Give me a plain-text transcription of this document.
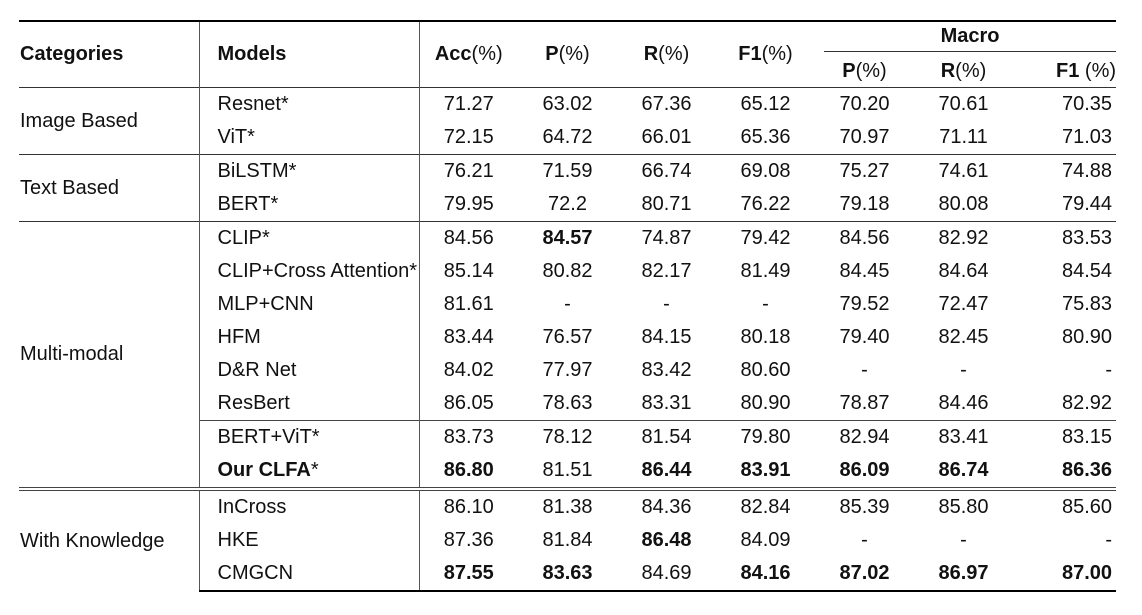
Categories	Models	Acc(%)	P(%)	R(%)	F1(%)	Macro		

						P(%)	R(%)	F1 (%)
Image Based	Resnet*	71.27	63.02	67.36	65.12	70.20	70.61	70.35
	ViT*	72.15	64.72	66.01	65.36	70.97	71.11	71.03
Text Based	BiLSTM*	76.21	71.59	66.74	69.08	75.27	74.61	74.88
	BERT*	79.95	72.2	80.71	76.22	79.18	80.08	79.44
Multi-modal	CLIP*	84.56	84.57	74.87	79.42	84.56	82.92	83.53
	CLIP+Cross Attention*	85.14	80.82	82.17	81.49	84.45	84.64	84.54
	MLP+CNN	81.61	-	-	-	79.52	72.47	75.83
	HFM	83.44	76.57	84.15	80.18	79.40	82.45	80.90
	D&R Net	84.02	77.97	83.42	80.60	-	-	-
	ResBert	86.05	78.63	83.31	80.90	78.87	84.46	82.92
	BERT+ViT*	83.73	78.12	81.54	79.80	82.94	83.41	83.15
	Our CLFA*	86.80	81.51	86.44	83.91	86.09	86.74	86.36
With Knowledge	InCross	86.10	81.38	84.36	82.84	85.39	85.80	85.60
	HKE	87.36	81.84	86.48	84.09	-	-	-
	CMGCN	87.55	83.63	84.69	84.16	87.02	86.97	87.00
